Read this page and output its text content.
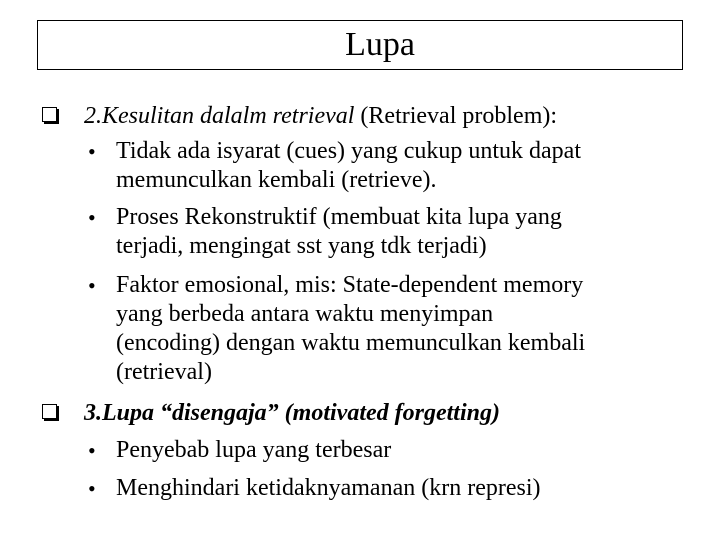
Lupa
2.Kesulitan dalalm retrieval (Retrieval problem):
• Tidak ada isyarat (cues) yang cukup untuk dapat
memunculkan kembali (retrieve).
• Proses Rekonstruktif (membuat kita lupa yang
terjadi, mengingat sst yang tdk terjadi)
• Faktor emosional, mis: State-dependent memory
yang berbeda antara waktu menyimpan
(encoding) dengan waktu memunculkan kembali
(retrieval)
3.Lupa “disengaja” (motivated forgetting)
• Penyebab lupa yang terbesar
• Menghindari ketidaknyamanan (krn represi)
